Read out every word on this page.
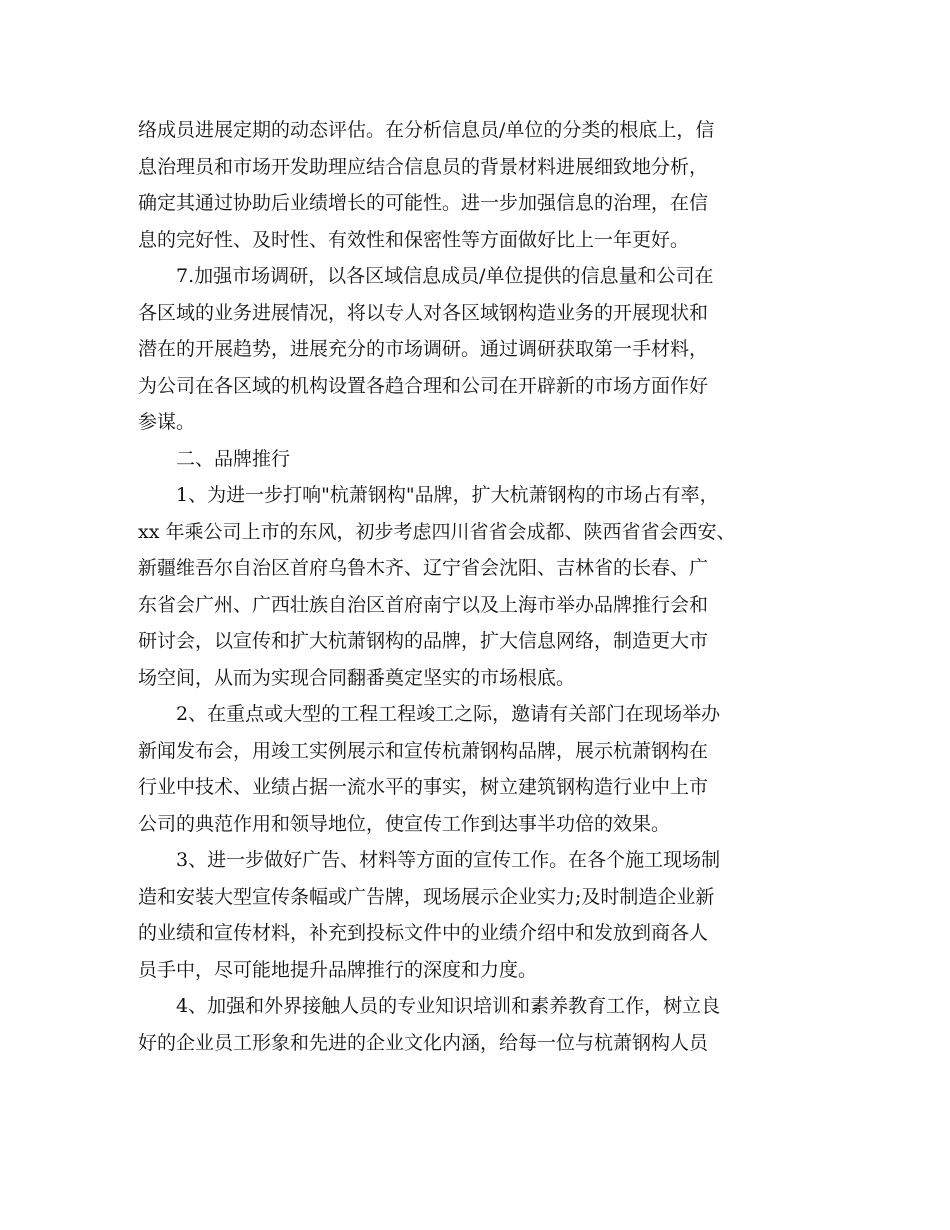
络成员进展定期的动态评估。在分析信息员/单位的分类的根底上，信
息治理员和市场开发助理应结合信息员的背景材料进展细致地分析，
确定其通过协助后业绩增长的可能性。进一步加强信息的治理，在信
息的完好性、及时性、有效性和保密性等方面做好比上一年更好。
　　7.加强市场调研，以各区域信息成员/单位提供的信息量和公司在
各区域的业务进展情况，将以专人对各区域钢构造业务的开展现状和
潜在的开展趋势，进展充分的市场调研。通过调研获取第一手材料，
为公司在各区域的机构设置各趋合理和公司在开辟新的市场方面作好
参谋。
　　二、品牌推行
　　1、为进一步打响"杭萧钢构"品牌，扩大杭萧钢构的市场占有率，
xx 年乘公司上市的东风，初步考虑四川省省会成都、陕西省省会西安、
新疆维吾尔自治区首府乌鲁木齐、辽宁省会沈阳、吉林省的长春、广
东省会广州、广西壮族自治区首府南宁以及上海市举办品牌推行会和
研讨会，以宣传和扩大杭萧钢构的品牌，扩大信息网络，制造更大市
场空间，从而为实现合同翻番奠定坚实的市场根底。
　　2、在重点或大型的工程工程竣工之际，邀请有关部门在现场举办
新闻发布会，用竣工实例展示和宣传杭萧钢构品牌，展示杭萧钢构在
行业中技术、业绩占据一流水平的事实，树立建筑钢构造行业中上市
公司的典范作用和领导地位，使宣传工作到达事半功倍的效果。
　　3、进一步做好广告、材料等方面的宣传工作。在各个施工现场制
造和安装大型宣传条幅或广告牌，现场展示企业实力;及时制造企业新
的业绩和宣传材料，补充到投标文件中的业绩介绍中和发放到商各人
员手中，尽可能地提升品牌推行的深度和力度。
　　4、加强和外界接触人员的专业知识培训和素养教育工作，树立良
好的企业员工形象和先进的企业文化内涵，给每一位与杭萧钢构人员
